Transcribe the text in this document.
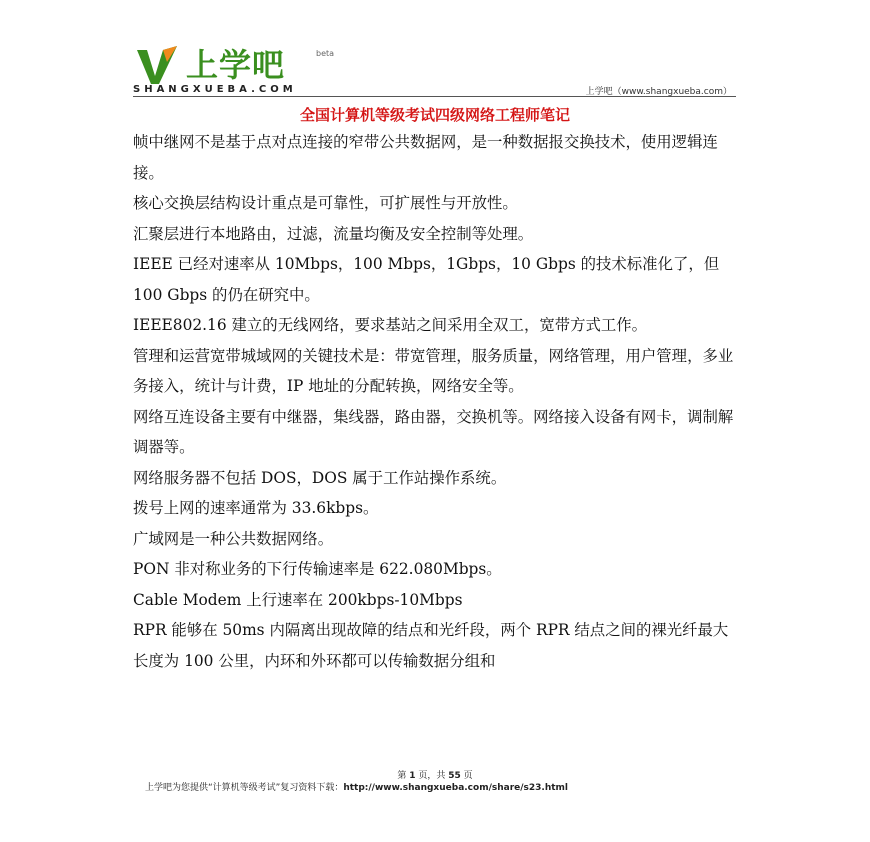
上学吧	beta
SHANGXUEBA.COM	上学吧（www.shangxueba.com）
全国计算机等级考试四级网络工程师笔记

帧中继网不是基于点对点连接的窄带公共数据网，是一种数据报交换技术，使用逻辑连接。

核心交换层结构设计重点是可靠性，可扩展性与开放性。

汇聚层进行本地路由，过滤，流量均衡及安全控制等处理。

IEEE 已经对速率从 10Mbps，100 Mbps，1Gbps，10 Gbps 的技术标准化了，但 100 Gbps 的仍在研究中。

IEEE802.16 建立的无线网络，要求基站之间采用全双工，宽带方式工作。

管理和运营宽带城域网的关键技术是：带宽管理，服务质量，网络管理，用户管理，多业务接入，统计与计费，IP 地址的分配转换，网络安全等。

网络互连设备主要有中继器，集线器，路由器，交换机等。网络接入设备有网卡，调制解调器等。

网络服务器不包括 DOS，DOS 属于工作站操作系统。

拨号上网的速率通常为 33.6kbps。

广域网是一种公共数据网络。

PON 非对称业务的下行传输速率是 622.080Mbps。

Cable Modem 上行速率在 200kbps-10Mbps

RPR 能够在 50ms 内隔离出现故障的结点和光纤段，两个 RPR 结点之间的裸光纤最大长度为 100 公里，内环和外环都可以传输数据分组和

第 1 页，共 55 页
上学吧为您提供“计算机等级考试”复习资料下载：http://www.shangxueba.com/share/s23.html
